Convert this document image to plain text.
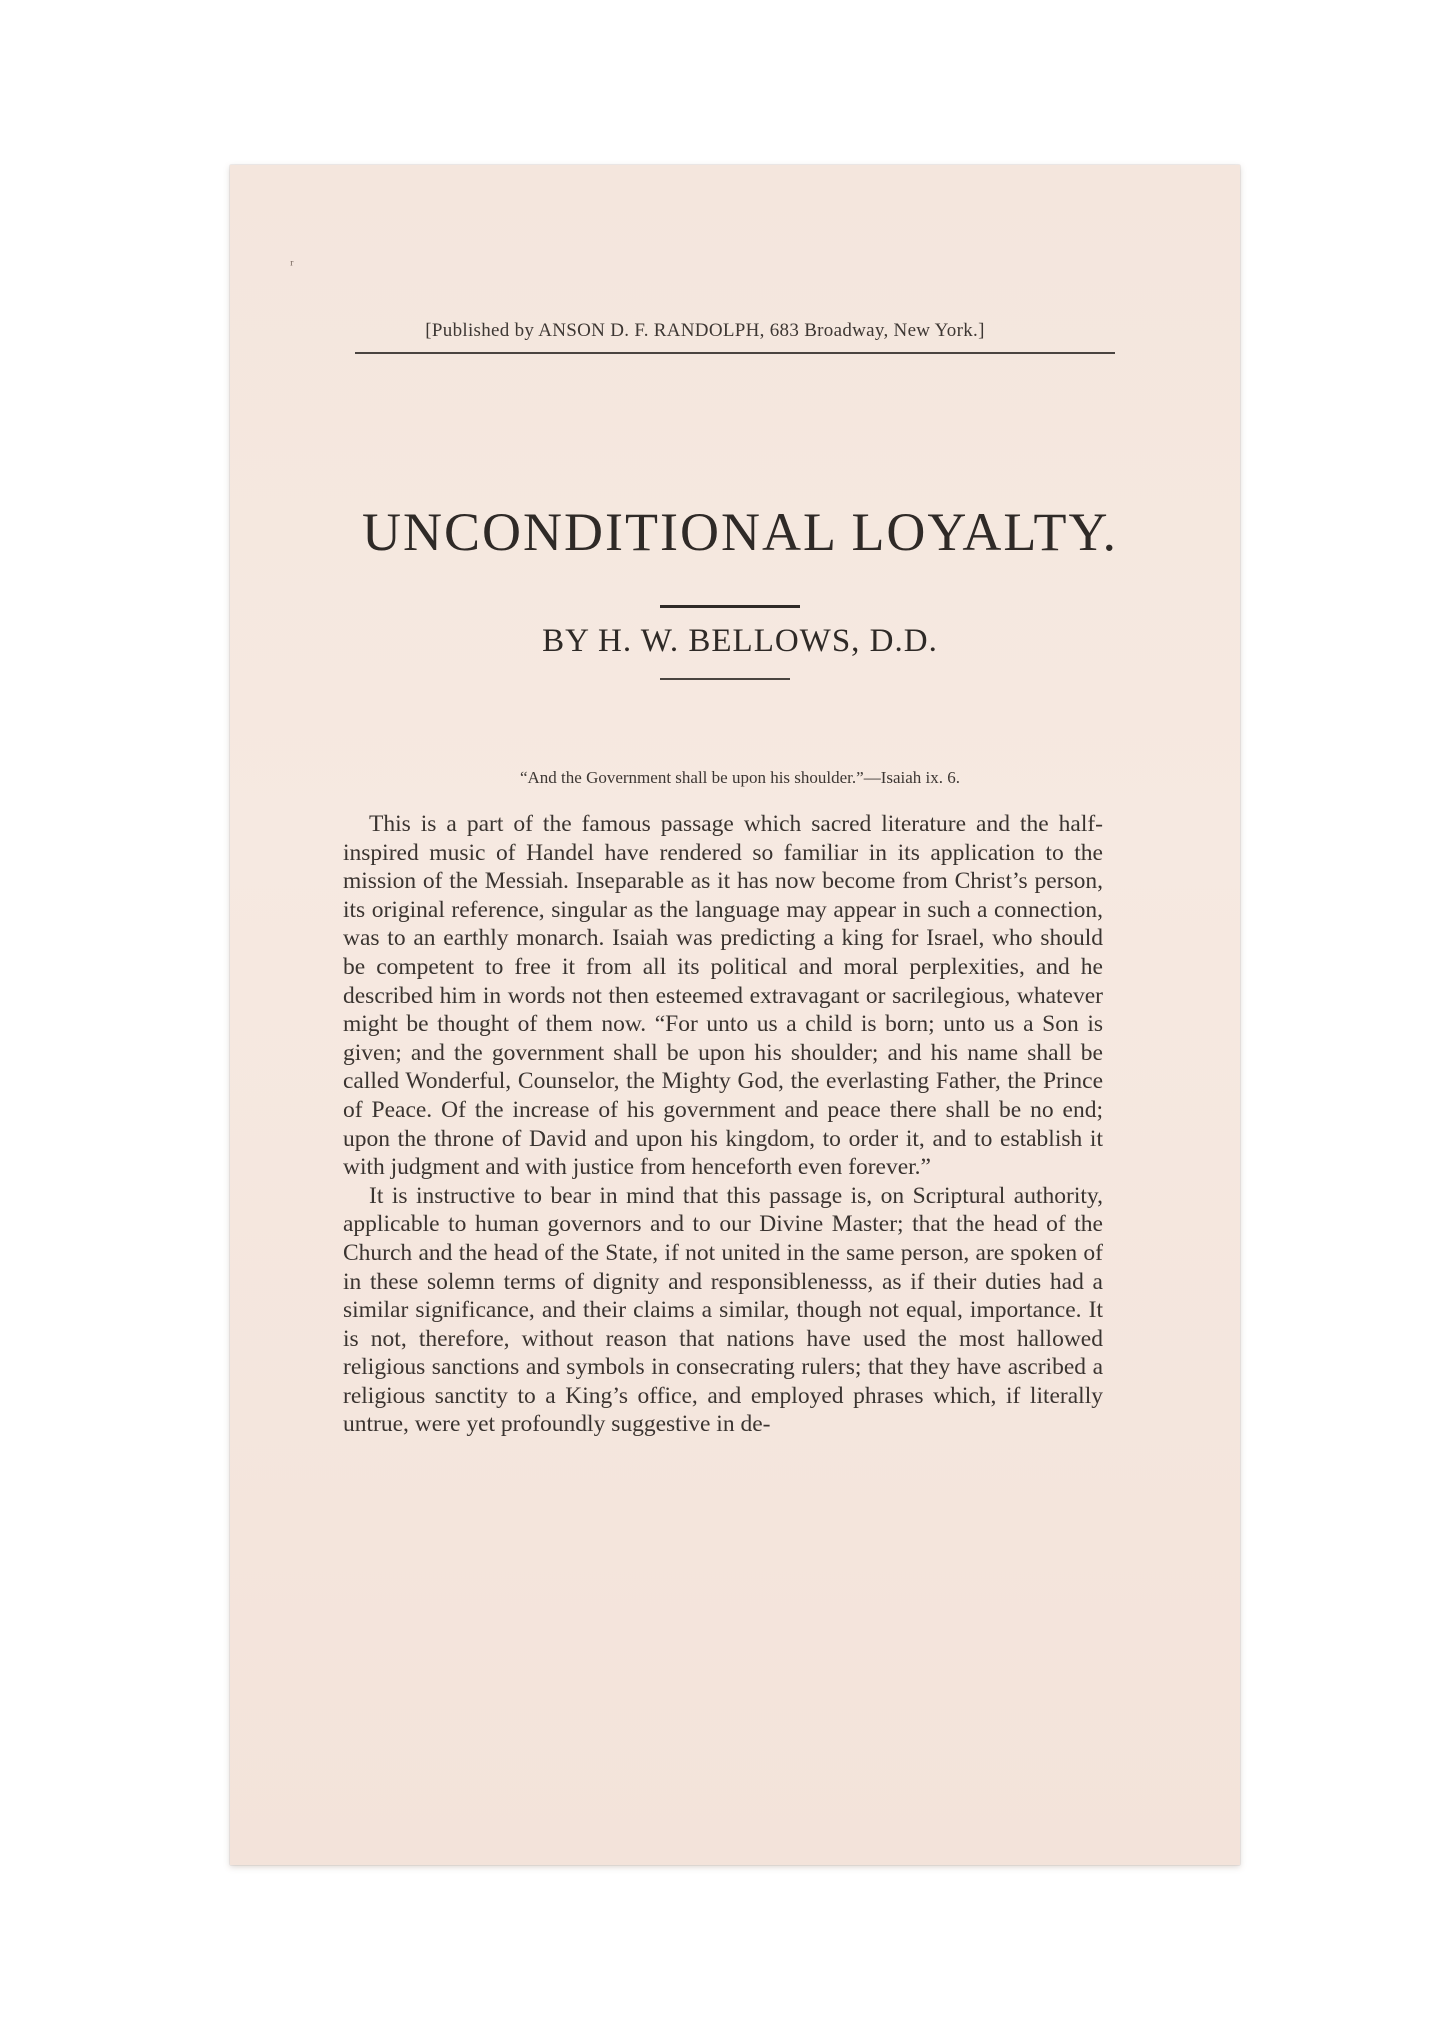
ʳ
[Published by ANSON D. F. RANDOLPH, 683 Broadway, New York.]
UNCONDITIONAL LOYALTY.
BY H. W. BELLOWS, D.D.
“And the Government shall be upon his shoulder.”—Isaiah ix. 6.

This is a part of the famous passage which sacred literature and the half-inspired music of Handel have rendered so familiar in its application to the mission of the Messiah. Inseparable as it has now become from Christ’s person, its original reference, singular as the language may appear in such a connection, was to an earthly monarch. Isaiah was predicting a king for Israel, who should be competent to free it from all its political and moral perplexities, and he described him in words not then esteemed extravagant or sacrilegious, whatever might be thought of them now. “For unto us a child is born; unto us a Son is given; and the government shall be upon his shoulder; and his name shall be called Wonderful, Counselor, the Mighty God, the everlasting Father, the Prince of Peace. Of the increase of his government and peace there shall be no end; upon the throne of David and upon his kingdom, to order it, and to establish it with judgment and with justice from henceforth even forever.”

It is instructive to bear in mind that this passage is, on Scriptural authority, applicable to human governors and to our Divine Master; that the head of the Church and the head of the State, if not united in the same person, are spoken of in these solemn terms of dignity and responsiblenesss, as if their duties had a similar significance, and their claims a similar, though not equal, importance. It is not, therefore, without reason that nations have used the most hallowed religious sanctions and symbols in consecrating rulers; that they have ascribed a religious sanctity to a King’s office, and employed phrases which, if literally untrue, were yet profoundly suggestive in de-
